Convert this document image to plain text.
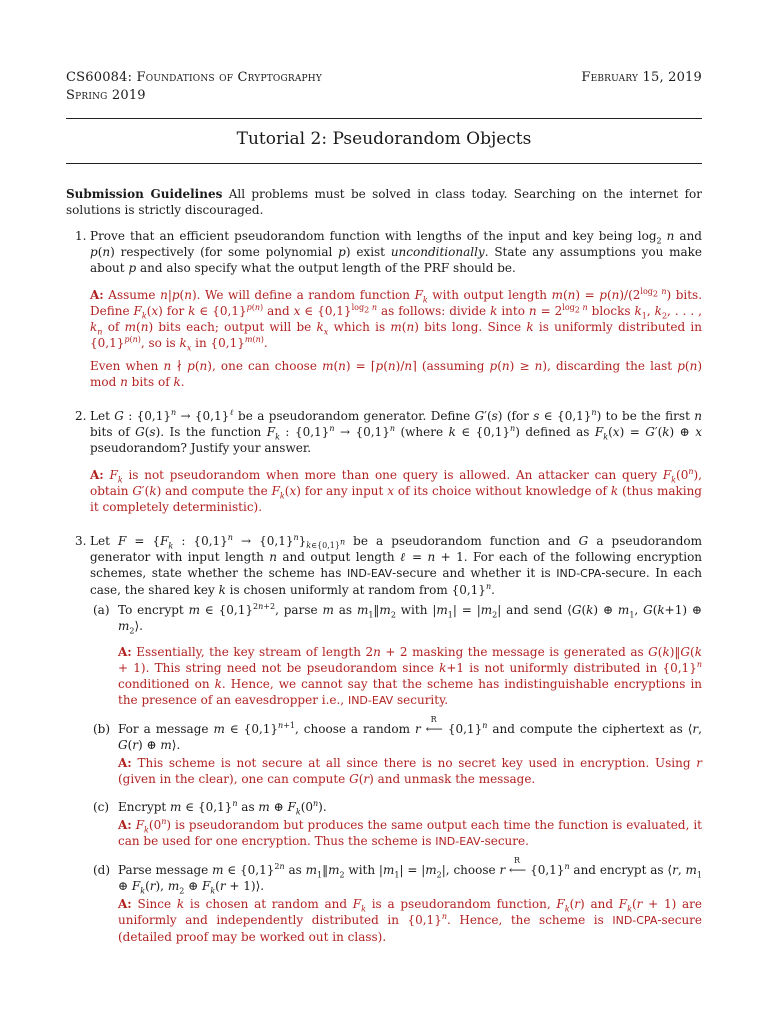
CS60084: Foundations of Cryptography
Spring 2019
February 15, 2019
Tutorial 2: Pseudorandom Objects

Submission Guidelines All problems must be solved in class today. Searching on the internet for solutions is strictly discouraged.

1. Prove that an efficient pseudorandom function with lengths of the input and key being $\log_2 n$ and p(n) respectively (for some polynomial p) exist unconditionally. State any assumptions you make about p and also specify what the output length of the PRF should be.

A: Assume n|p(n). We will define a random function $F_k$ with output length $m(n) = p(n)/(2^{log_2 n})$ bits. Define $F_k(x)$ for k ∈ $\{0,1\}^{p(n)}$ and x ∈ $\{0,1\}^{log_2 n}$ as follows: divide k into $n = 2^{log_2 n}$ blocks $k_1$, $k_2$, . . . , $k_n$ of m(n) bits each; output will be $k_x$ which is m(n) bits long. Since k is uniformly distributed in $\{0,1\}^{p(n)}$, so is $k_x$ in $\{0,1\}^{m(n)}$.

Even when n ∤ p(n), one can choose m(n) = ⌈p(n)/n⌉ (assuming p(n) ≥ n), discarding the last p(n) mod n bits of k.

2. Let G : $\{0,1\}^n \to \{0,1\}^\ell$ be a pseudorandom generator. Define G′(s) (for s ∈ $\{0,1\}^n$) to be the first n bits of G(s). Is the function $F_k$ : $\{0,1\}^n \to \{0,1\}^n$ (where k ∈ $\{0,1\}^n$) defined as $F_k(x) = G'(k)$ ⊕ x pseudorandom? Justify your answer.

A: $F_k$ is not pseudorandom when more than one query is allowed. An attacker can query $F_k(0^n)$, obtain G′(k) and compute the $F_k(x)$ for any input x of its choice without knowledge of k (thus making it completely deterministic).

3. Let $F = \{F_k$ : $\{0,1\}^n \to \{0,1\}^n\}_{k\in\{0,1\}^n}$ be a pseudorandom function and G a pseudorandom generator with input length n and output length ℓ = n + 1. For each of the following encryption schemes, state whether the scheme has IND-EAV-secure and whether it is IND-CPA-secure. In each case, the shared key k is chosen uniformly at random from $\{0,1\}^n$.

(a) To encrypt m ∈ $\{0,1\}^{2n+2}$, parse m as $m_1‖m_2$ with $|m_1| = |m_2|$ and send ⟨G(k) ⊕ $m_1$, G(k+1) ⊕ $m_2⟩$.

A: Essentially, the key stream of length 2n + 2 masking the message is generated as G(k)‖G(k + 1). This string need not be pseudorandom since k+1 is not uniformly distributed in $\{0,1\}^n$ conditioned on k. Hence, we cannot say that the scheme has indistinguishable encryptions in the presence of an eavesdropper i.e., IND-EAV security.

(b) For a message m ∈ $\{0,1\}^{n+1}$, choose a random r ⟵
R
$\{0,1\}^n$ and compute the ciphertext as ⟨r, G(r) ⊕ m⟩.

A: This scheme is not secure at all since there is no secret key used in encryption. Using r (given in the clear), one can compute G(r) and unmask the message.

(c) Encrypt m ∈ $\{0,1\}^n$ as m ⊕ $F_k(0^n)$.

A: $F_k(0^n)$ is pseudorandom but produces the same output each time the function is evaluated, it can be used for one encryption. Thus the scheme is IND-EAV-secure.

(d) Parse message m ∈ $\{0,1\}^{2n}$ as $m_1‖m_2$ with $|m_1| = |m_2|$, choose r ⟵
R
$\{0,1\}^n$ and encrypt as ⟨r, $m_1$ ⊕ $F_k(r)$, $m_2$ ⊕ $F_k(r$ + 1)⟩.

A: Since k is chosen at random and $F_k$ is a pseudorandom function, $F_k(r)$ and $F_k(r + 1)$ are uniformly and independently distributed in $\{0,1\}^n$. Hence, the scheme is IND-CPA-secure (detailed proof may be worked out in class).
